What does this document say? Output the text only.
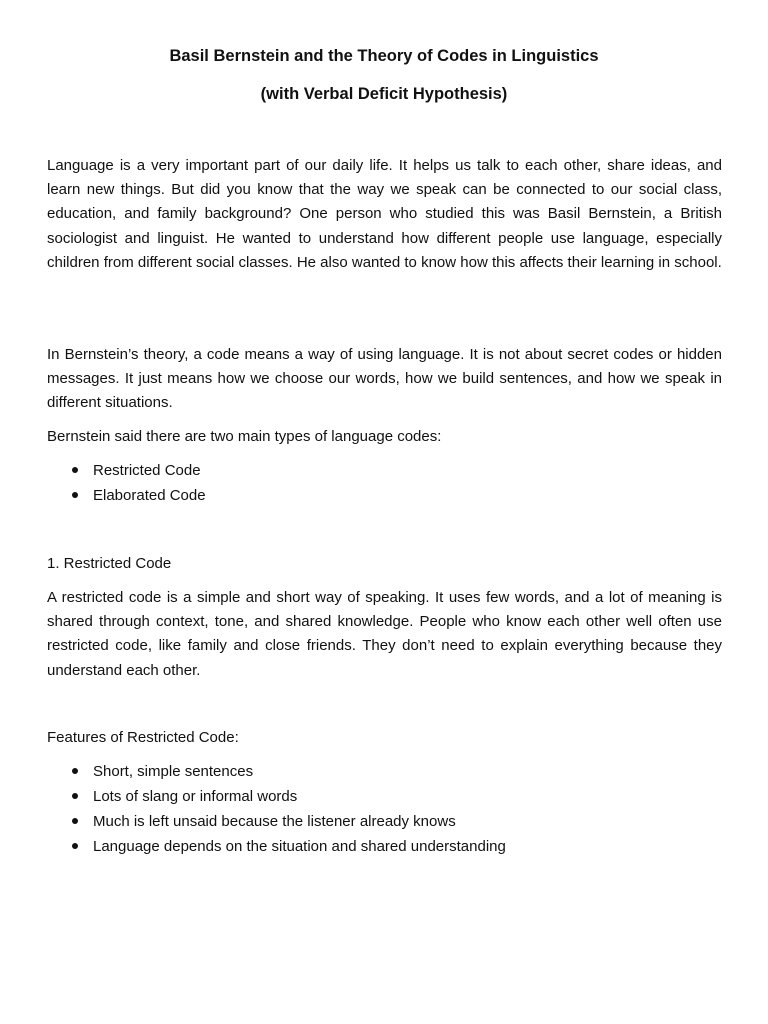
Basil Bernstein and the Theory of Codes in Linguistics
(with Verbal Deficit Hypothesis)

Language is a very important part of our daily life. It helps us talk to each other, share ideas, and learn new things. But did you know that the way we speak can be connected to our social class, education, and family background? One person who studied this was Basil Bernstein, a British sociologist and linguist. He wanted to understand how different people use language, especially children from different social classes. He also wanted to know how this affects their learning in school.

In Bernstein’s theory, a code means a way of using language. It is not about secret codes or hidden messages. It just means how we choose our words, how we build sentences, and how we speak in different situations.

Bernstein said there are two main types of language codes:

Restricted Code
Elaborated Code

1. Restricted Code

A restricted code is a simple and short way of speaking. It uses few words, and a lot of meaning is shared through context, tone, and shared knowledge. People who know each other well often use restricted code, like family and close friends. They don’t need to explain everything because they understand each other.

Features of Restricted Code:

Short, simple sentences
Lots of slang or informal words
Much is left unsaid because the listener already knows
Language depends on the situation and shared understanding
